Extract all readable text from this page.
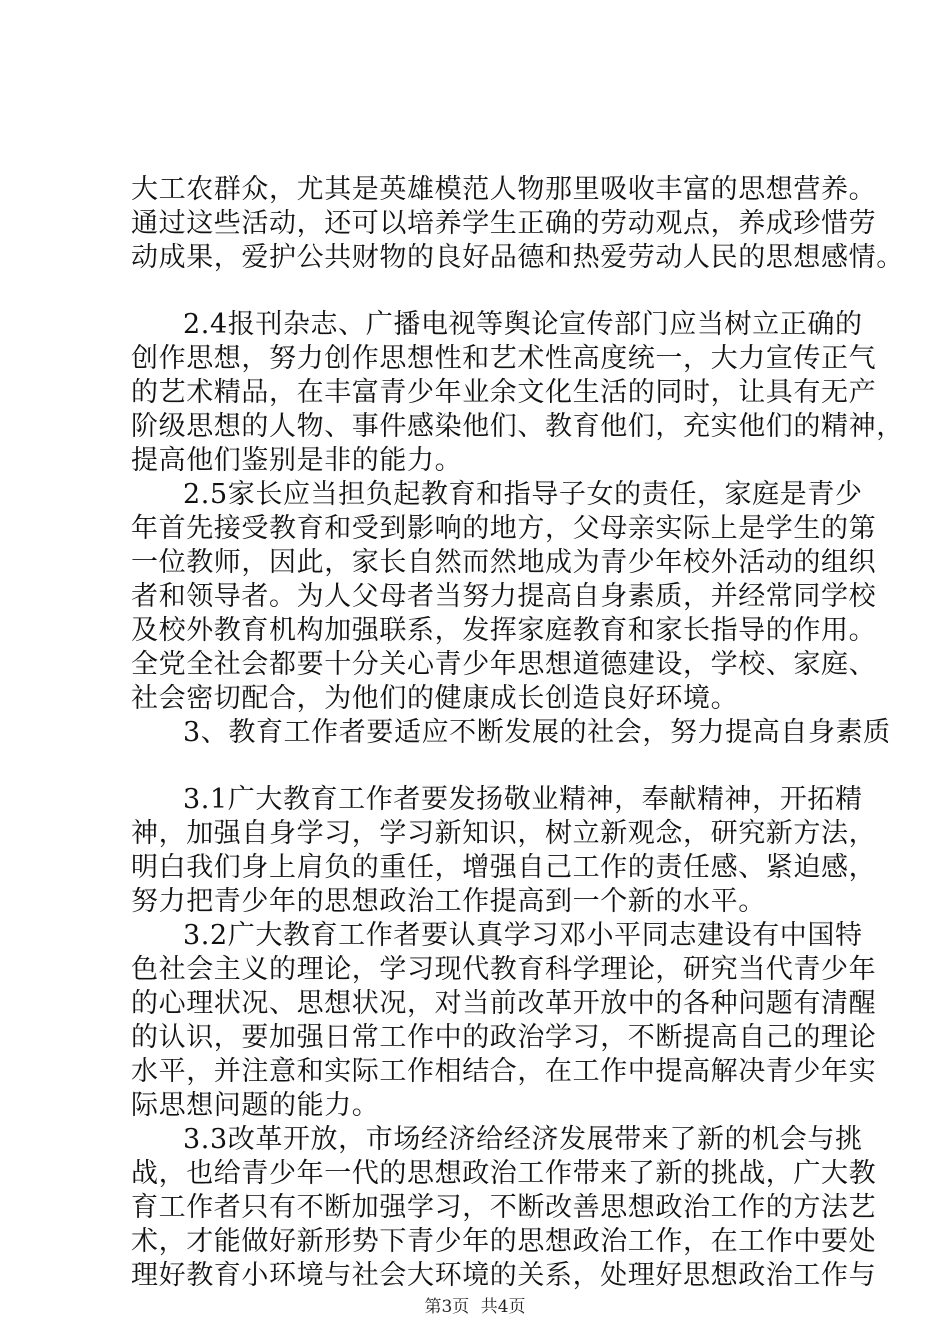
大工农群众，尤其是英雄模范人物那里吸收丰富的思想营养。
通过这些活动，还可以培养学生正确的劳动观点，养成珍惜劳
动成果，爱护公共财物的良好品德和热爱劳动人民的思想感情。
2.4报刊杂志、广播电视等舆论宣传部门应当树立正确的
创作思想，努力创作思想性和艺术性高度统一，大力宣传正气
的艺术精品，在丰富青少年业余文化生活的同时，让具有无产
阶级思想的人物、事件感染他们、教育他们，充实他们的精神，
提高他们鉴别是非的能力。
2.5家长应当担负起教育和指导子女的责任，家庭是青少
年首先接受教育和受到影响的地方，父母亲实际上是学生的第
一位教师，因此，家长自然而然地成为青少年校外活动的组织
者和领导者。为人父母者当努力提高自身素质，并经常同学校
及校外教育机构加强联系，发挥家庭教育和家长指导的作用。
全党全社会都要十分关心青少年思想道德建设，学校、家庭、
社会密切配合，为他们的健康成长创造良好环境。
3、教育工作者要适应不断发展的社会，努力提高自身素质
3.1广大教育工作者要发扬敬业精神，奉献精神，开拓精
神，加强自身学习，学习新知识，树立新观念，研究新方法，
明白我们身上肩负的重任，增强自己工作的责任感、紧迫感，
努力把青少年的思想政治工作提高到一个新的水平。
3.2广大教育工作者要认真学习邓小平同志建设有中国特
色社会主义的理论，学习现代教育科学理论，研究当代青少年
的心理状况、思想状况，对当前改革开放中的各种问题有清醒
的认识，要加强日常工作中的政治学习，不断提高自己的理论
水平，并注意和实际工作相结合，在工作中提高解决青少年实
际思想问题的能力。
3.3改革开放，市场经济给经济发展带来了新的机会与挑
战，也给青少年一代的思想政治工作带来了新的挑战，广大教
育工作者只有不断加强学习，不断改善思想政治工作的方法艺
术，才能做好新形势下青少年的思想政治工作，在工作中要处
理好教育小环境与社会大环境的关系，处理好思想政治工作与
第3页 共4页
